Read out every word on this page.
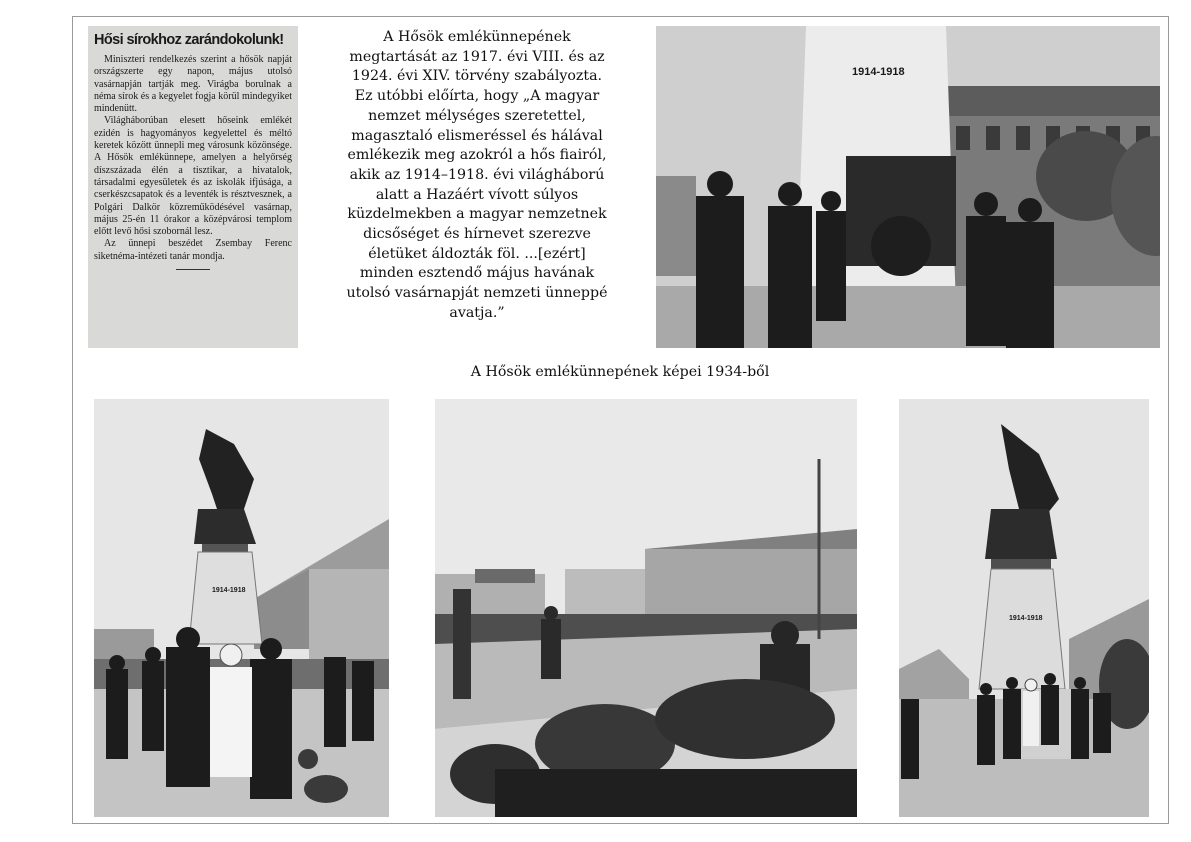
Hősi sírokhoz zarándokolunk!

Miniszteri rendelkezés szerint a hősök napját országszerte egy napon, május utolsó vasárnapján tartják meg. Virágba borulnak a néma sírok és a kegyelet fogja körül mindegyiket mindenütt.

Világháborúban elesett hőseink emlékét ezidén is hagyományos kegyelettel és méltó keretek között ünnepli meg városunk közönsége. A Hősök emlékünnepe, amelyen a helyőrség díszszázada élén a tisztikar, a hivatalok, társadalmi egyesületek és az iskolák ifjúsága, a cserkészcsapatok és a leventék is résztvesznek, a Polgári Dalkör közreműködésével vasárnap, május 25-én 11 órakor a középvárosi templom előtt levő hősi szobornál lesz.

Az ünnepi beszédet Zsembay Ferenc siketnéma-intézeti tanár mondja.

A Hősök emlékünnepének
megtartását az 1917. évi VIII. és az
1924. évi XIV. törvény szabályozta.
Ez utóbbi előírta, hogy „A magyar
nemzet mélységes szeretettel,
magasztaló elismeréssel és hálával
emlékezik meg azokról a hős fiairól,
akik az 1914–1918. évi világháború
alatt a Hazáért vívott súlyos
küzdelmekben a magyar nemzetnek
dicsőséget és hírnevet szerezve
életüket áldozták föl. ...[ezért]
minden esztendő május havának
utolsó vasárnapját nemzeti ünneppé
avatja.”
1914-1918
A Hősök emlékünnepének képei 1934-ből
1914-1918
1914-1918
